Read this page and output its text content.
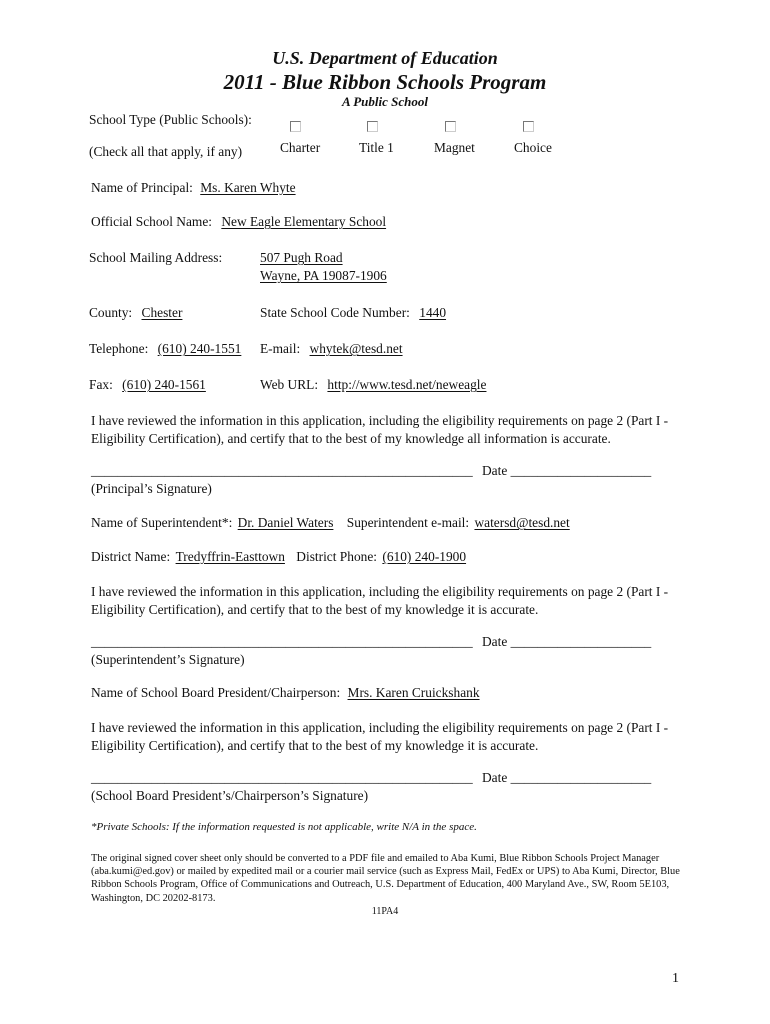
U.S. Department of Education
2011 - Blue Ribbon Schools Program
A Public School
School Type (Public Schools):
(Check all that apply, if any)	Charter	Title 1	Magnet	Choice
Name of Principal: Ms. Karen Whyte
Official School Name: New Eagle Elementary School
School Mailing Address:	507 Pugh Road
Wayne, PA 19087-1906
County: Chester	State School Code Number: 1440
Telephone: (610) 240-1551 E-mail: whytek@tesd.net
Fax: (610) 240-1561	Web URL: http://www.tesd.net/neweagle
I have reviewed the information in this application, including the eligibility requirements on page 2 (Part I - Eligibility Certification), and certify that to the best of my knowledge all information is accurate.
_________________________________________________________ Date _____________________
(Principal’s Signature)
Name of Superintendent*: Dr. Daniel Waters Superintendent e-mail: watersd@tesd.net
District Name: Tredyffrin-Easttown District Phone: (610) 240-1900
I have reviewed the information in this application, including the eligibility requirements on page 2 (Part I - Eligibility Certification), and certify that to the best of my knowledge it is accurate.
_________________________________________________________ Date _____________________
(Superintendent’s Signature)
Name of School Board President/Chairperson: Mrs. Karen Cruickshank
I have reviewed the information in this application, including the eligibility requirements on page 2 (Part I - Eligibility Certification), and certify that to the best of my knowledge it is accurate.
_________________________________________________________ Date _____________________
(School Board President’s/Chairperson’s Signature)
*Private Schools: If the information requested is not applicable, write N/A in the space.
The original signed cover sheet only should be converted to a PDF file and emailed to Aba Kumi, Blue Ribbon Schools Project Manager (aba.kumi@ed.gov) or mailed by expedited mail or a courier mail service (such as Express Mail, FedEx or UPS) to Aba Kumi, Director, Blue Ribbon Schools Program, Office of Communications and Outreach, U.S. Department of Education, 400 Maryland Ave., SW, Room 5E103, Washington, DC 20202-8173.
11PA4
1
